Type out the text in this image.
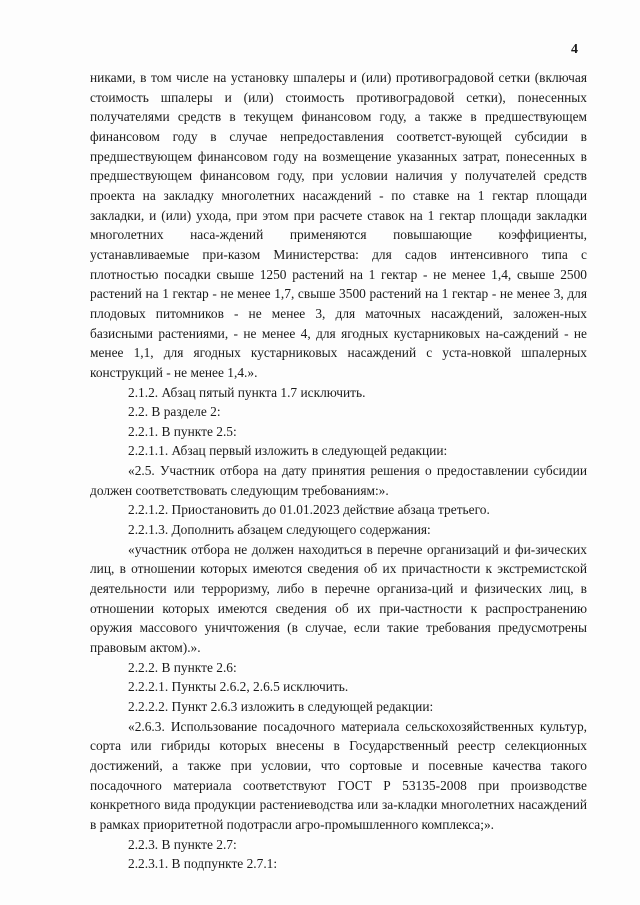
4

никами, в том числе на установку шпалеры и (или) противоградовой сетки (включая стоимость шпалеры и (или) стоимость противоградовой сетки), понесенных получателями средств в текущем финансовом году, а также в предшествующем финансовом году в случае непредоставления соответст-вующей субсидии в предшествующем финансовом году на возмещение указанных затрат, понесенных в предшествующем финансовом году, при условии наличия у получателей средств проекта на закладку многолетних насаждений - по ставке на 1 гектар площади закладки, и (или) ухода, при этом при расчете ставок на 1 гектар площади закладки многолетних наса-ждений применяются повышающие коэффициенты, устанавливаемые при-казом Министерства: для садов интенсивного типа с плотностью посадки свыше 1250 растений на 1 гектар - не менее 1,4, свыше 2500 растений на 1 гектар - не менее 1,7, свыше 3500 растений на 1 гектар - не менее 3, для плодовых питомников - не менее 3, для маточных насаждений, заложен-ных базисными растениями, - не менее 4, для ягодных кустарниковых на-саждений - не менее 1,1, для ягодных кустарниковых насаждений с уста-новкой шпалерных конструкций - не менее 1,4.».

2.1.2. Абзац пятый пункта 1.7 исключить.

2.2. В разделе 2:

2.2.1. В пункте 2.5:

2.2.1.1. Абзац первый изложить в следующей редакции:

«2.5. Участник отбора на дату принятия решения о предоставлении субсидии должен соответствовать следующим требованиям:».

2.2.1.2. Приостановить до 01.01.2023 действие абзаца третьего.

2.2.1.3. Дополнить абзацем следующего содержания:

«участник отбора не должен находиться в перечне организаций и фи-зических лиц, в отношении которых имеются сведения об их причастности к экстремистской деятельности или терроризму, либо в перечне организа-ций и физических лиц, в отношении которых имеются сведения об их при-частности к распространению оружия массового уничтожения (в случае, если такие требования предусмотрены правовым актом).».

2.2.2. В пункте 2.6:

2.2.2.1. Пункты 2.6.2, 2.6.5 исключить.

2.2.2.2. Пункт 2.6.3 изложить в следующей редакции:

«2.6.3. Использование посадочного материала сельскохозяйственных культур, сорта или гибриды которых внесены в Государственный реестр селекционных достижений, а также при условии, что сортовые и посевные качества такого посадочного материала соответствуют ГОСТ Р 53135-2008 при производстве конкретного вида продукции растениеводства или за-кладки многолетних насаждений в рамках приоритетной подотрасли агро-промышленного комплекса;».

2.2.3. В пункте 2.7:

2.2.3.1. В подпункте 2.7.1:
